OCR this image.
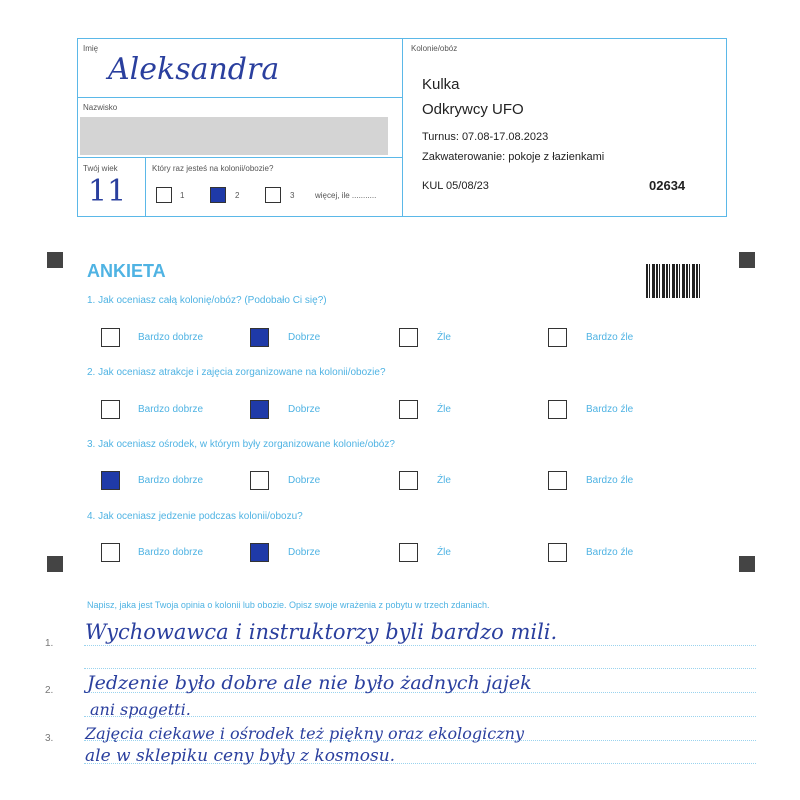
Imię
Aleksandra
Nazwisko
Twój wiek
11
Który raz jesteś na kolonii/obozie?
1	2	3	więcej, ile ...........
Kolonie/obóz
Kulka
Odkrywcy UFO
Turnus: 07.08-17.08.2023
Zakwaterowanie: pokoje z łazienkami
KUL 05/08/23	02634
ANKIETA
1. Jak oceniasz całą kolonię/obóz? (Podobało Ci się?)
2. Jak oceniasz atrakcje i zajęcia zorganizowane na kolonii/obozie?
3. Jak oceniasz ośrodek, w którym były zorganizowane kolonie/obóz?
4. Jak oceniasz jedzenie podczas kolonii/obozu?
Bardzo dobrze	Dobrze	Źle	Bardzo źle
Bardzo dobrze	Dobrze	Źle	Bardzo źle
Bardzo dobrze	Dobrze	Źle	Bardzo źle
Bardzo dobrze	Dobrze	Źle	Bardzo źle
Napisz, jaka jest Twoja opinia o kolonii lub obozie. Opisz swoje wrażenia z pobytu w trzech zdaniach.
1.
2.
3.
Wychowawca i instruktorzy byli bardzo mili.
Jedzenie było dobre ale nie było żadnych jajek
ani spagetti.
Zajęcia ciekawe i ośrodek też piękny oraz ekologiczny
ale w sklepiku ceny były z kosmosu.
